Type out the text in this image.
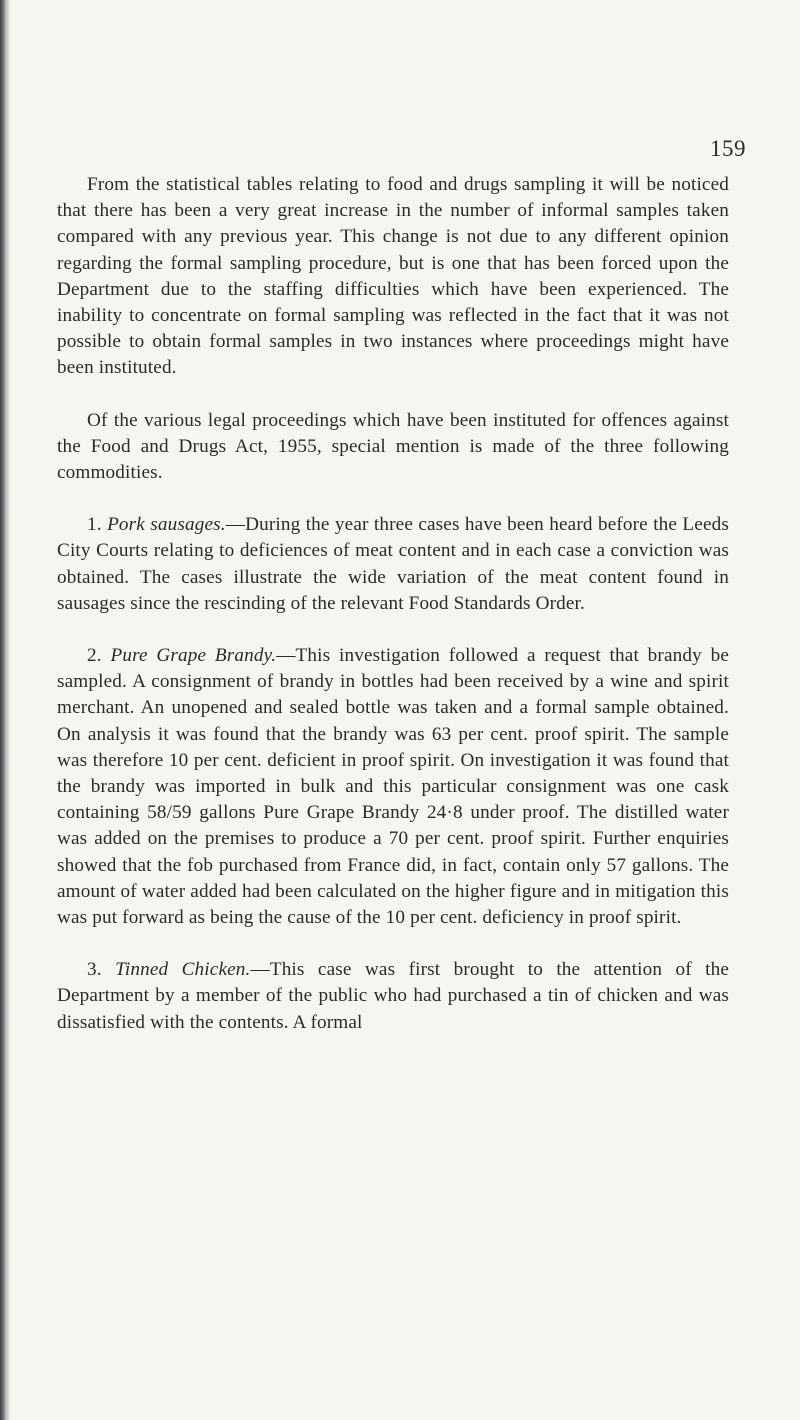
159

From the statistical tables relating to food and drugs sampling it will be noticed that there has been a very great increase in the number of informal samples taken compared with any previous year. This change is not due to any different opinion regarding the formal sampling procedure, but is one that has been forced upon the Department due to the staffing difficulties which have been experienced. The inability to concentrate on formal sampling was reflected in the fact that it was not possible to obtain formal samples in two instances where proceedings might have been instituted.

Of the various legal proceedings which have been instituted for offences against the Food and Drugs Act, 1955, special mention is made of the three following commodities.

1. Pork sausages.—During the year three cases have been heard before the Leeds City Courts relating to deficiences of meat content and in each case a conviction was obtained. The cases illustrate the wide variation of the meat content found in sausages since the rescinding of the relevant Food Standards Order.

2. Pure Grape Brandy.—This investigation followed a request that brandy be sampled. A consignment of brandy in bottles had been received by a wine and spirit merchant. An unopened and sealed bottle was taken and a formal sample obtained. On analysis it was found that the brandy was 63 per cent. proof spirit. The sample was therefore 10 per cent. deficient in proof spirit. On investigation it was found that the brandy was imported in bulk and this particular consignment was one cask containing 58/59 gallons Pure Grape Brandy 24·8 under proof. The distilled water was added on the premises to produce a 70 per cent. proof spirit. Further enquiries showed that the fob purchased from France did, in fact, contain only 57 gallons. The amount of water added had been calculated on the higher figure and in mitigation this was put forward as being the cause of the 10 per cent. deficiency in proof spirit.

3. Tinned Chicken.—This case was first brought to the attention of the Department by a member of the public who had purchased a tin of chicken and was dissatisfied with the contents. A formal
